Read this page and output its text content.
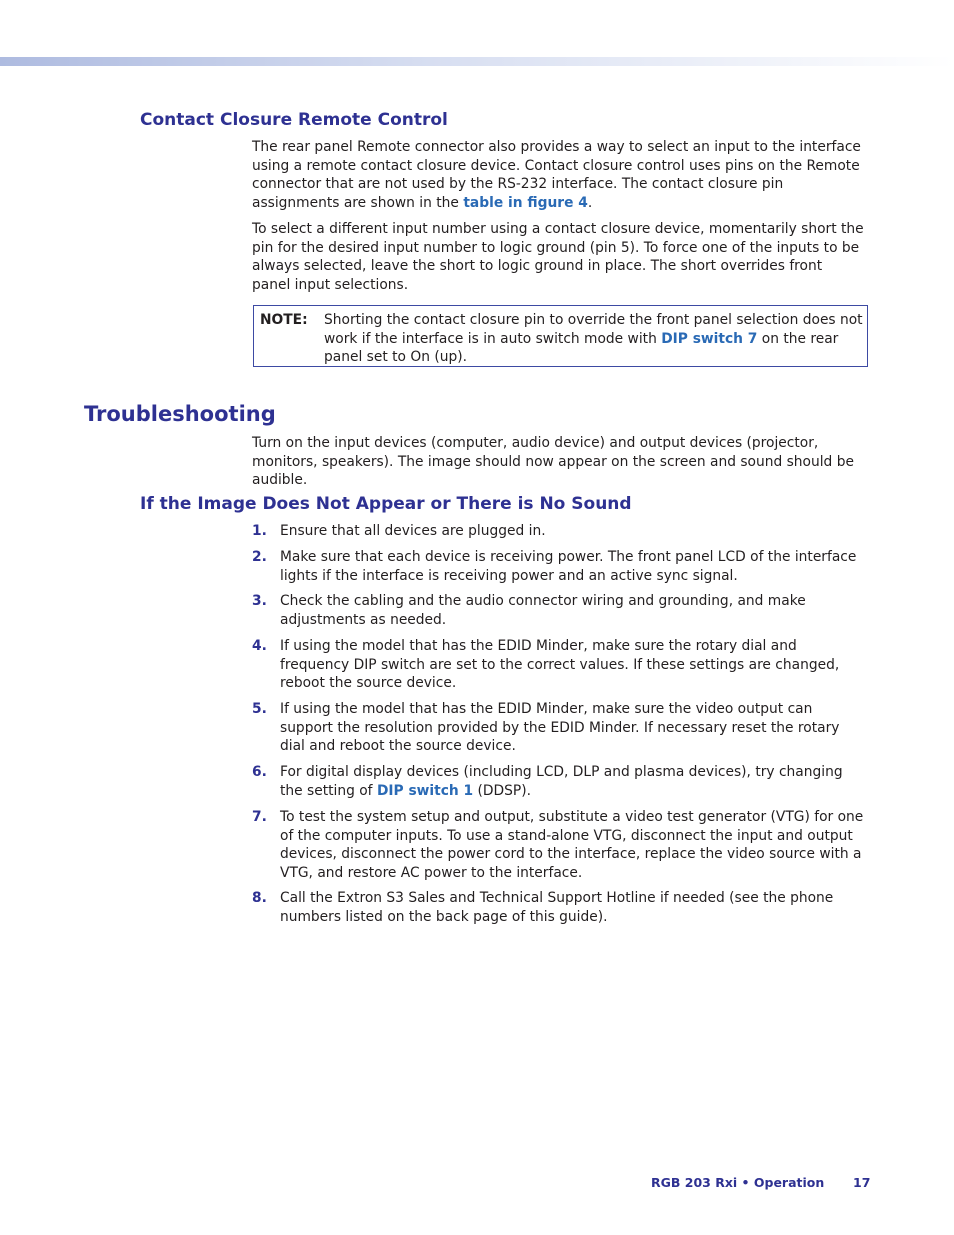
Contact Closure Remote Control

The rear panel Remote connector also provides a way to select an input to the interface using a remote contact closure device. Contact closure control uses pins on the Remote connector that are not used by the RS-232 interface. The contact closure pin assignments are shown in the table in figure 4.

To select a different input number using a contact closure device, momentarily short the pin for the desired input number to logic ground (pin 5). To force one of the inputs to be always selected, leave the short to logic ground in place. The short overrides front panel input selections.

NOTE: Shorting the contact closure pin to override the front panel selection does not work if the interface is in auto switch mode with DIP switch 7 on the rear panel set to On (up).
Troubleshooting

Turn on the input devices (computer, audio device) and output devices (projector, monitors, speakers). The image should now appear on the screen and sound should be audible.

If the Image Does Not Appear or There is No Sound
1. Ensure that all devices are plugged in.
2. Make sure that each device is receiving power. The front panel LCD of the interface lights if the interface is receiving power and an active sync signal.
3. Check the cabling and the audio connector wiring and grounding, and make adjustments as needed.
4. If using the model that has the EDID Minder, make sure the rotary dial and frequency DIP switch are set to the correct values. If these settings are changed, reboot the source device.
5. If using the model that has the EDID Minder, make sure the video output can support the resolution provided by the EDID Minder. If necessary reset the rotary dial and reboot the source device.
6. For digital display devices (including LCD, DLP and plasma devices), try changing the setting of DIP switch 1 (DDSP).
7. To test the system setup and output, substitute a video test generator (VTG) for one of the computer inputs. To use a stand-alone VTG, disconnect the input and output devices, disconnect the power cord to the interface, replace the video source with a VTG, and restore AC power to the interface.
8. Call the Extron S3 Sales and Technical Support Hotline if needed (see the phone numbers listed on the back page of this guide).
RGB 203 Rxi • Operation 17
